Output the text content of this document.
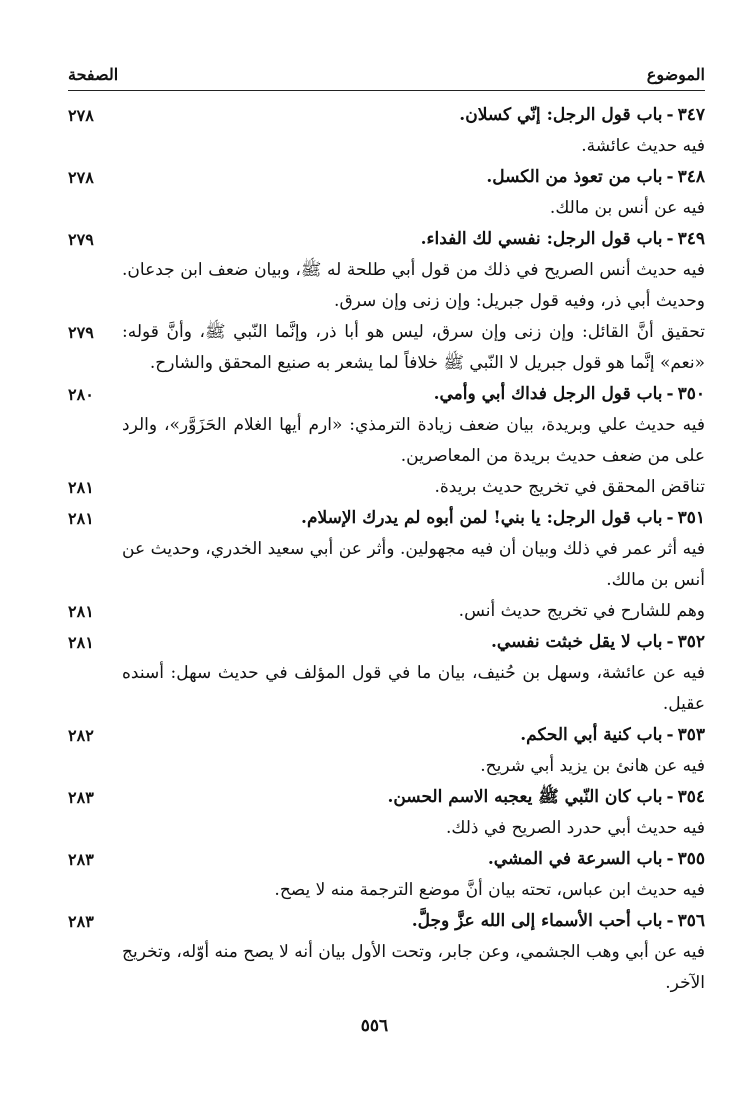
الصفحة	الموضوع
٣٤٧-باب قول الرجل: إنّي كسلان.
٢٧٨
فيه حديث عائشة.
٣٤٨-باب من تعوذ من الكسل.
٢٧٨
فيه عن أنس بن مالك.
٣٤٩-باب قول الرجل: نفسي لك الفداء.
٢٧٩
فيه حديث أنس الصريح في ذلك من قول أبي طلحة له ﷺ، وبيان ضعف ابن جدعان. وحديث أبي ذر، وفيه قول جبريل: وإن زنى وإن سرق.
تحقيق أنَّ القائل: وإن زنى وإن سرق، ليس هو أبا ذر، وإنَّما النّبي ﷺ، وأنَّ قوله: «نعم» إنَّما هو قول جبريل لا النّبي ﷺ خلافاً لما يشعر به صنيع المحقق والشارح.
٢٧٩
٣٥٠-باب قول الرجل فداك أبي وأمي.
٢٨٠
فيه حديث علي وبريدة، بيان ضعف زيادة الترمذي: «ارم أيها الغلام الحَزَوَّر»، والرد على من ضعف حديث بريدة من المعاصرين.
تناقض المحقق في تخريج حديث بريدة.
٢٨١
٣٥١-باب قول الرجل: يا بني! لمن أبوه لم يدرك الإسلام.
٢٨١
فيه أثر عمر في ذلك وبيان أن فيه مجهولين. وأثر عن أبي سعيد الخدري، وحديث عن أنس بن مالك.
وهم للشارح في تخريج حديث أنس.
٢٨١
٣٥٢-باب لا يقل خبثت نفسي.
٢٨١
فيه عن عائشة، وسهل بن حُنيف، بيان ما في قول المؤلف في حديث سهل: أسنده عقيل.
٣٥٣-باب كنية أبي الحكم.
٢٨٢
فيه عن هانئ بن يزيد أبي شريح.
٣٥٤-باب كان النّبي ﷺ يعجبه الاسم الحسن.
٢٨٣
فيه حديث أبي حدرد الصريح في ذلك.
٣٥٥-باب السرعة في المشي.
٢٨٣
فيه حديث ابن عباس، تحته بيان أنَّ موضع الترجمة منه لا يصح.
٣٥٦-باب أحب الأسماء إلى الله عزَّ وجلَّ.
٢٨٣
فيه عن أبي وهب الجشمي، وعن جابر، وتحت الأول بيان أنه لا يصح منه أوّله، وتخريج الآخر.
٥٥٦
